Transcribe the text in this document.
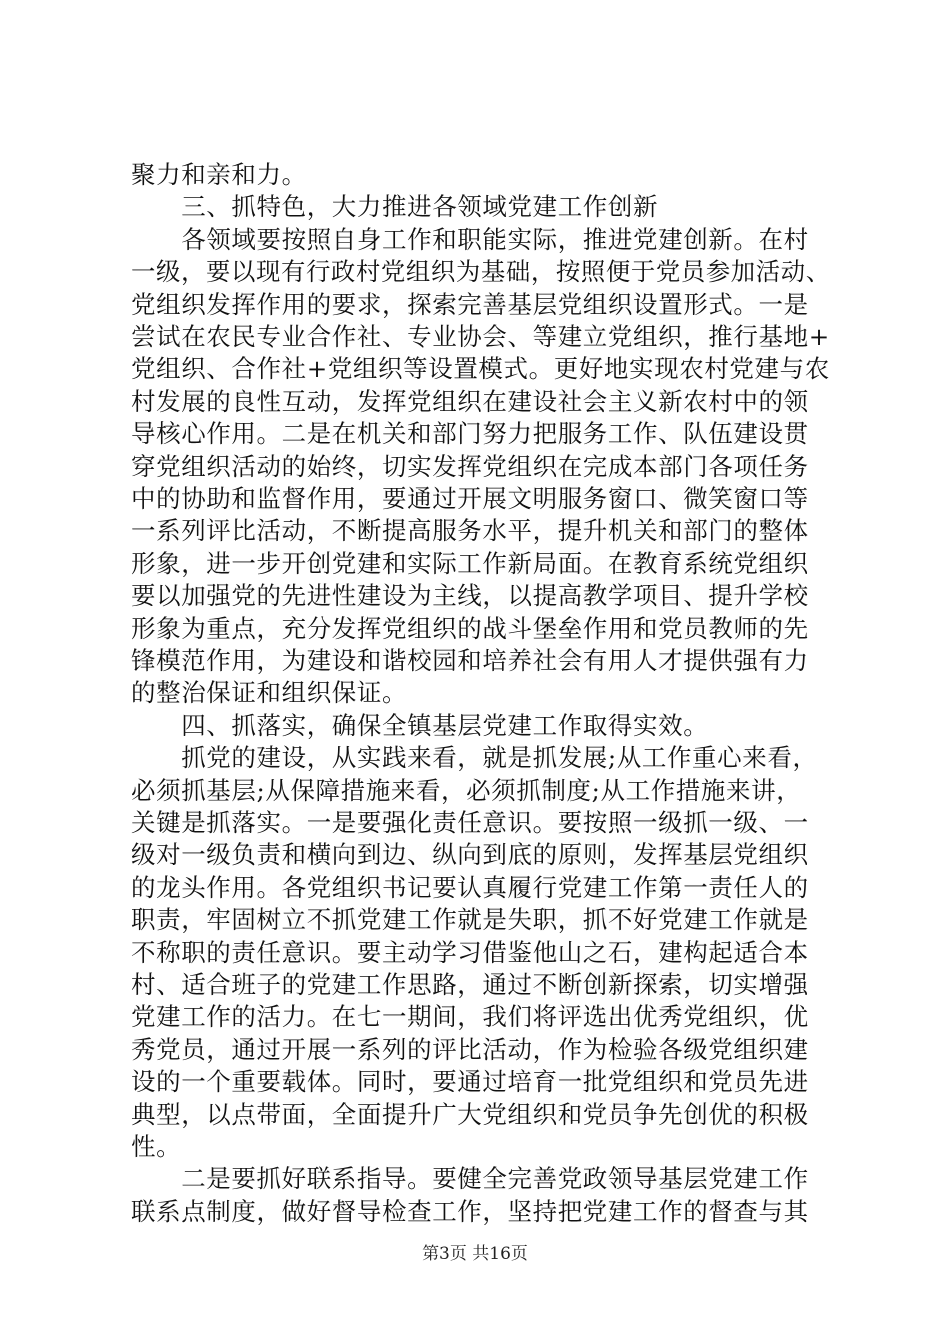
聚力和亲和力。
　　三、抓特色，大力推进各领域党建工作创新
　　各领域要按照自身工作和职能实际，推进党建创新。在村
一级，要以现有行政村党组织为基础，按照便于党员参加活动、
党组织发挥作用的要求，探索完善基层党组织设置形式。一是
尝试在农民专业合作社、专业协会、等建立党组织，推行基地+
党组织、合作社+党组织等设置模式。更好地实现农村党建与农
村发展的良性互动，发挥党组织在建设社会主义新农村中的领
导核心作用。二是在机关和部门努力把服务工作、队伍建设贯
穿党组织活动的始终，切实发挥党组织在完成本部门各项任务
中的协助和监督作用，要通过开展文明服务窗口、微笑窗口等
一系列评比活动，不断提高服务水平，提升机关和部门的整体
形象，进一步开创党建和实际工作新局面。在教育系统党组织
要以加强党的先进性建设为主线，以提高教学项目、提升学校
形象为重点，充分发挥党组织的战斗堡垒作用和党员教师的先
锋模范作用，为建设和谐校园和培养社会有用人才提供强有力
的整治保证和组织保证。
　　四、抓落实，确保全镇基层党建工作取得实效。
　　抓党的建设，从实践来看，就是抓发展;从工作重心来看，
必须抓基层;从保障措施来看，必须抓制度;从工作措施来讲，
关键是抓落实。一是要强化责任意识。要按照一级抓一级、一
级对一级负责和横向到边、纵向到底的原则，发挥基层党组织
的龙头作用。各党组织书记要认真履行党建工作第一责任人的
职责，牢固树立不抓党建工作就是失职，抓不好党建工作就是
不称职的责任意识。要主动学习借鉴他山之石，建构起适合本
村、适合班子的党建工作思路，通过不断创新探索，切实增强
党建工作的活力。在七一期间，我们将评选出优秀党组织，优
秀党员，通过开展一系列的评比活动，作为检验各级党组织建
设的一个重要载体。同时，要通过培育一批党组织和党员先进
典型，以点带面，全面提升广大党组织和党员争先创优的积极
性。
　　二是要抓好联系指导。要健全完善党政领导基层党建工作
联系点制度，做好督导检查工作，坚持把党建工作的督查与其
第3页 共16页
